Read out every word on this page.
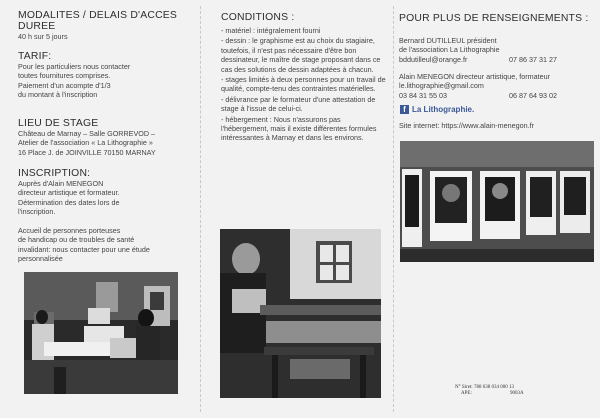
MODALITES / DELAIS D'ACCES DUREE

40 h sur 5 jours

TARIF:

Pour les particuliers nous contacter

toutes fournitures comprises.

Paiement d'un acompte d'1/3

du montant à l'inscription

LIEU DE STAGE

Château de Marnay – Salle GORREVOD –

Atelier de l'association « La Lithographie »

16 Place J. de JOINVILLE 70150 MARNAY

INSCRIPTION:

Auprès d'Alain MENEGON

directeur artistique et formateur.

Détermination des dates lors de

l'inscription.

Accueil de personnes porteuses

de handicap ou de troubles de santé

invalidant: nous contacter pour une étude

personnalisée

CONDITIONS :

- matériel : intégralement fourni

- dessin : le graphisme est au choix du stagiaire, toutefois, il n'est pas nécessaire d'être bon dessinateur, le maître de stage proposant dans ce cas des solutions de dessin adaptées à chacun.

- stages limités à deux personnes pour un travail de qualité, compte-tenu des contraintes matérielles.

- délivrance par le formateur d'une attestation de stage à l'issue de celui-ci.

- hébergement : Nous n'assurons pas l'hébergement, mais il existe différentes formules intéressantes à Marnay et dans les environs.

POUR PLUS DE RENSEIGNEMENTS :

Bernard DUTILLEUL président

de l'association La Lithographie

bddutilleul@orange.fr	07 86 37 31 27

Alain MENEGON directeur artistique, formateur

le.lithographie@gmail.com

03 84 31 55 03	06 87 64 93 02
f La Lithographie.

Site internet: https://www.alain-menegon.fr

N° Siret: 788 638 034 000 13
APE:	9003A
